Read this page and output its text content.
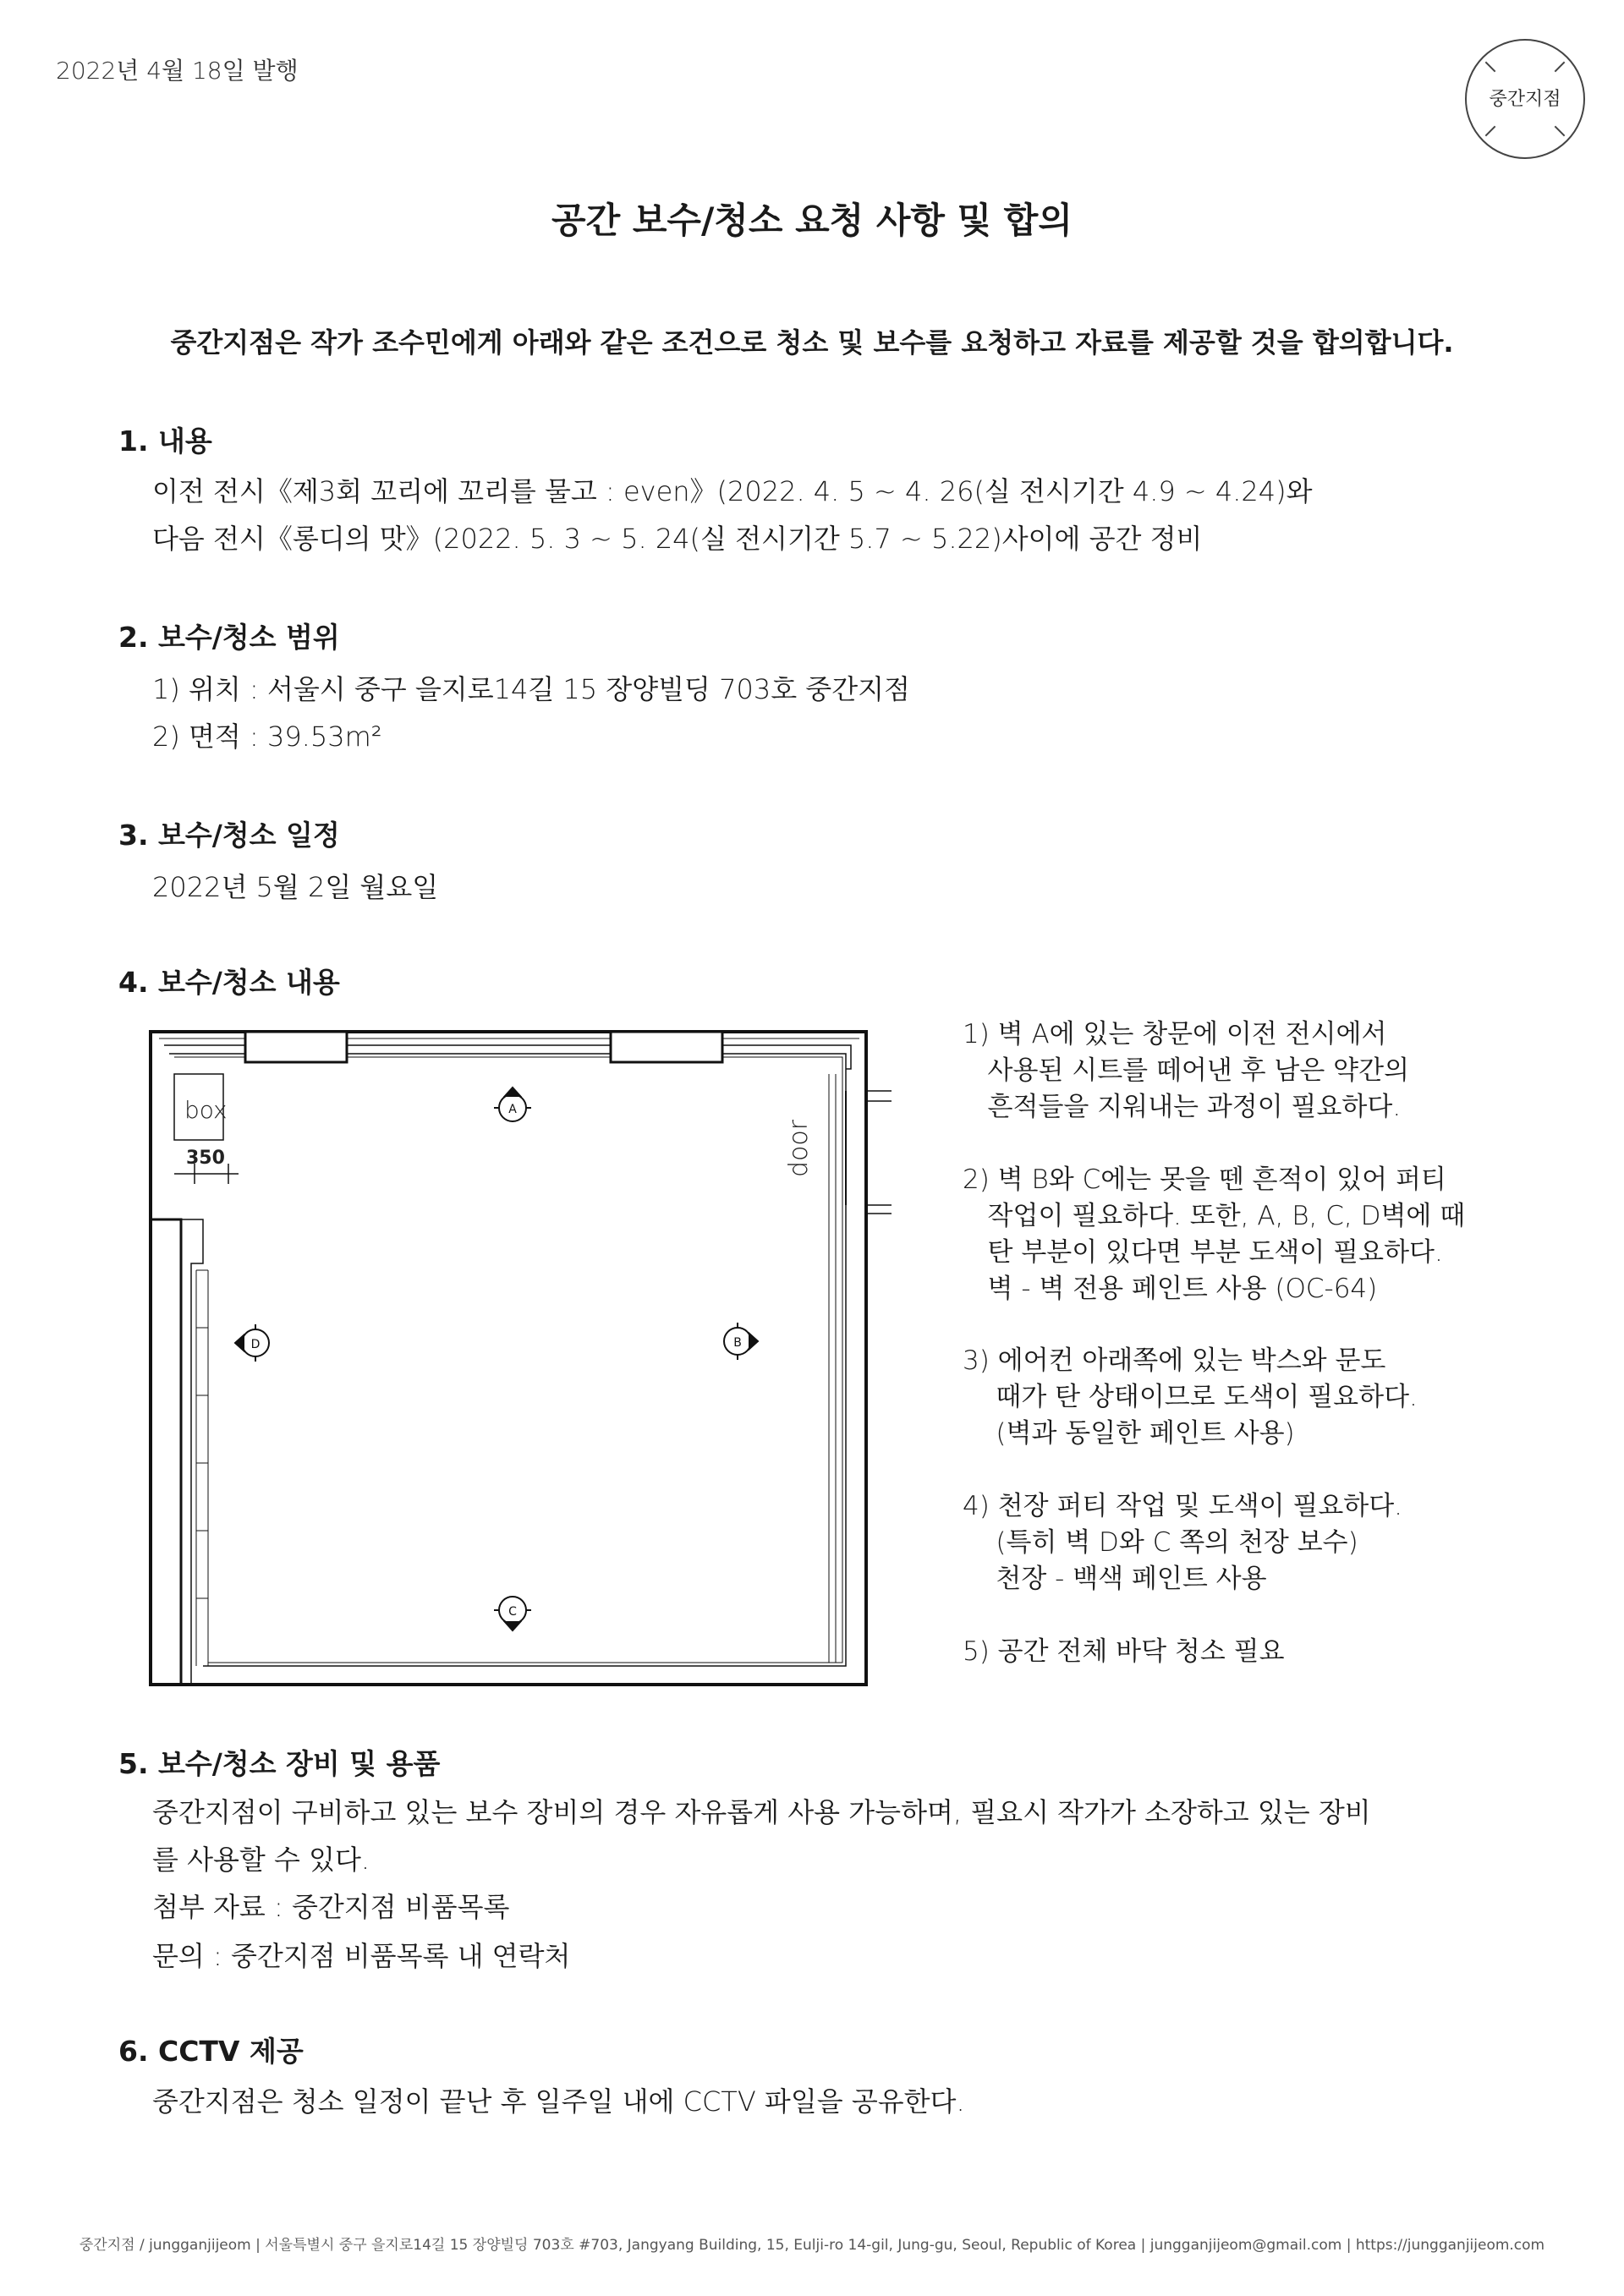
2022년 4월 18일 발행
중간지점
공간 보수/청소 요청 사항 및 합의
중간지점은 작가 조수민에게 아래와 같은 조건으로 청소 및 보수를 요청하고 자료를 제공할 것을 합의합니다.
1. 내용
이전 전시《제3회 꼬리에 꼬리를 물고 : even》(2022. 4. 5 ~ 4. 26(실 전시기간 4.9 ~ 4.24)와
다음 전시《롱디의 맛》(2022. 5. 3 ~ 5. 24(실 전시기간 5.7 ~ 5.22)사이에 공간 정비
2. 보수/청소 범위
1) 위치 : 서울시 중구 을지로14길 15 장양빌딩 703호 중간지점
2) 면적 : 39.53m²
3. 보수/청소 일정
2022년 5월 2일 월요일
4. 보수/청소 내용
box
350	door
A
B
C
D
1) 벽 A에 있는 창문에 이전 전시에서
사용된 시트를 떼어낸 후 남은 약간의
흔적들을 지워내는 과정이 필요하다.
2) 벽 B와 C에는 못을 뗀 흔적이 있어 퍼티
작업이 필요하다. 또한, A, B, C, D벽에 때
탄 부분이 있다면 부분 도색이 필요하다.
벽 - 벽 전용 페인트 사용 (OC-64)
3) 에어컨 아래쪽에 있는 박스와 문도
때가 탄 상태이므로 도색이 필요하다.
(벽과 동일한 페인트 사용)
4) 천장 퍼티 작업 및 도색이 필요하다.
(특히 벽 D와 C 쪽의 천장 보수)
천장 - 백색 페인트 사용
5) 공간 전체 바닥 청소 필요
5. 보수/청소 장비 및 용품
중간지점이 구비하고 있는 보수 장비의 경우 자유롭게 사용 가능하며, 필요시 작가가 소장하고 있는 장비
를 사용할 수 있다.
첨부 자료 : 중간지점 비품목록
문의 : 중간지점 비품목록 내 연락처
6. CCTV 제공
중간지점은 청소 일정이 끝난 후 일주일 내에 CCTV 파일을 공유한다.
중간지점 / jungganjijeom | 서울특별시 중구 을지로14길 15 장양빌딩 703호 #703, Jangyang Building, 15, Eulji-ro 14-gil, Jung-gu, Seoul, Republic of Korea | jungganjijeom@gmail.com | https://jungganjijeom.com
